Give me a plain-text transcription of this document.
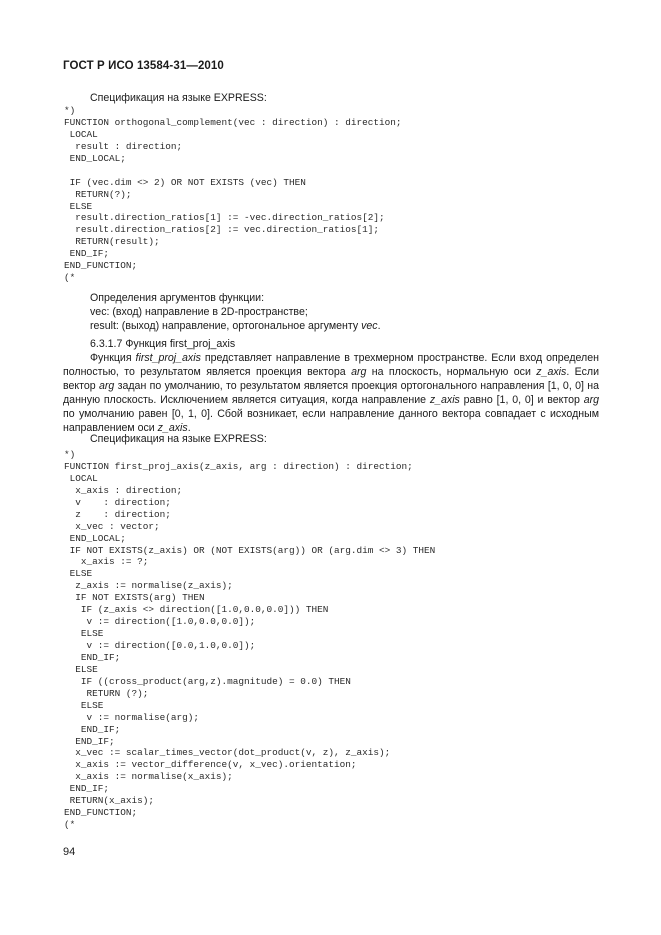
ГОСТ Р ИСО 13584-31—2010
Спецификация на языке EXPRESS:
*)
FUNCTION orthogonal_complement(vec : direction) : direction;
LOCAL
result : direction;
END_LOCAL;
IF (vec.dim <> 2) OR NOT EXISTS (vec) THEN
RETURN(?);
ELSE
result.direction_ratios[1] := -vec.direction_ratios[2];
result.direction_ratios[2] := vec.direction_ratios[1];
RETURN(result);
END_IF;
END_FUNCTION;
(*
Определения аргументов функции:
vec: (вход) направление в 2D-пространстве;
result: (выход) направление, ортогональное аргументу vec.
6.3.1.7 Функция first_proj_axis
Функция first_proj_axis представляет направление в трехмерном пространстве. Если вход определен полностью, то результатом является проекция вектора arg на плоскость, нормальную оси z_axis. Если вектор arg задан по умолчанию, то результатом является проекция ортогонального направления [1, 0, 0] на данную плоскость. Исключением является ситуация, когда направление z_axis равно [1, 0, 0] и вектор arg по умолчанию равен [0, 1, 0]. Сбой возникает, если направление данного вектора совпадает с исходным направлением оси z_axis.
Спецификация на языке EXPRESS:
*)
FUNCTION first_proj_axis(z_axis, arg : direction) : direction;
LOCAL
x_axis : direction;
v    : direction;
z    : direction;
x_vec : vector;
END_LOCAL;
IF NOT EXISTS(z_axis) OR (NOT EXISTS(arg)) OR (arg.dim <> 3) THEN
x_axis := ?;
ELSE
z_axis := normalise(z_axis);
IF NOT EXISTS(arg) THEN
IF (z_axis <> direction([1.0,0.0,0.0])) THEN
v := direction([1.0,0.0,0.0]);
ELSE
v := direction([0.0,1.0,0.0]);
END_IF;
ELSE
IF ((cross_product(arg,z).magnitude) = 0.0) THEN
RETURN (?);
ELSE
v := normalise(arg);
END_IF;
END_IF;
x_vec := scalar_times_vector(dot_product(v, z), z_axis);
x_axis := vector_difference(v, x_vec).orientation;
x_axis := normalise(x_axis);
END_IF;
RETURN(x_axis);
END_FUNCTION;
(*
94
